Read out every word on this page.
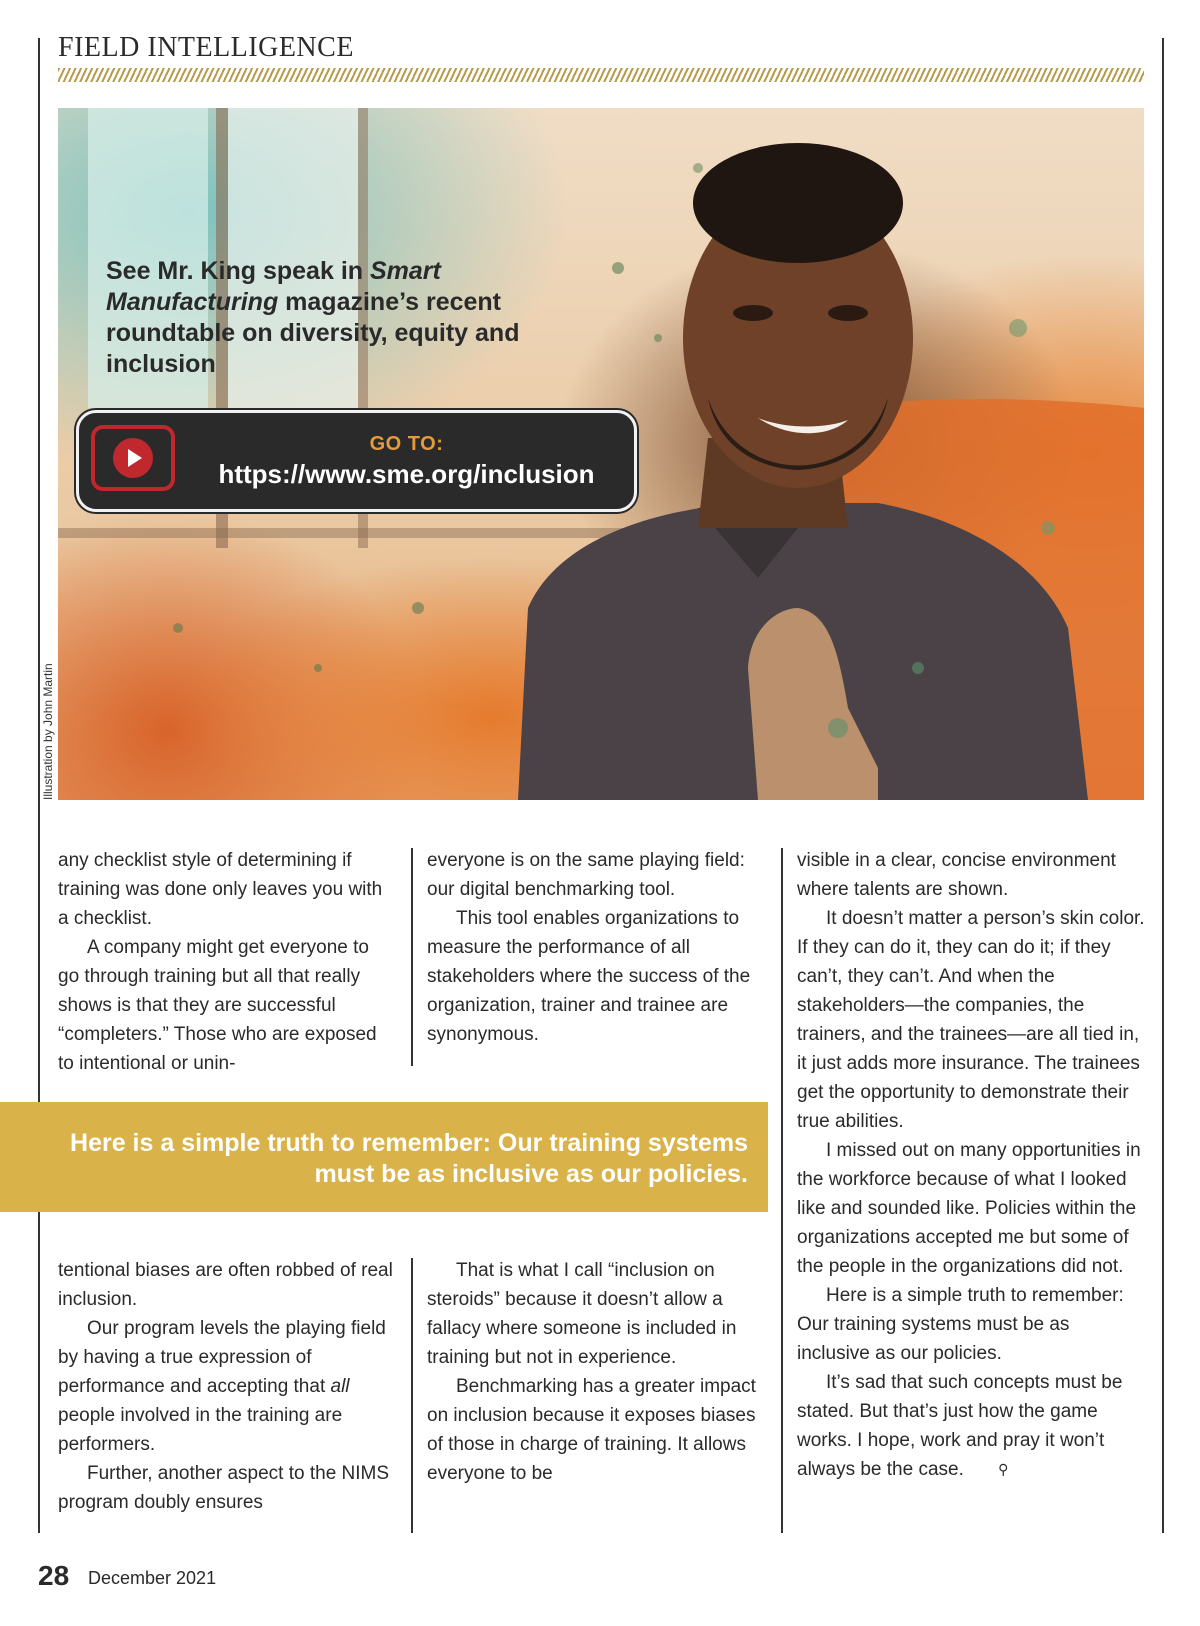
FIELD INTELLIGENCE
See Mr. King speak in Smart Manufacturing magazine’s recent roundtable on diversity, equity and inclusion
GO TO:
https://www.sme.org/inclusion
Illustration by John Martin

any checklist style of determining if training was done only leaves you with a checklist.

A company might get everyone to go through training but all that really shows is that they are successful “completers.” Those who are exposed to intentional or unin-

everyone is on the same playing field: our digital benchmarking tool.

This tool enables organizations to measure the performance of all stakeholders where the success of the organization, trainer and trainee are synonymous.

visible in a clear, concise environment where talents are shown.

It doesn’t matter a person’s skin color. If they can do it, they can do it; if they can’t, they can’t. And when the stakeholders—the companies, the trainers, and the trainees—are all tied in, it just adds more insurance. The trainees get the opportunity to demonstrate their true abilities.

I missed out on many opportunities in the workforce because of what I looked like and sounded like. Policies within the organizations accepted me but some of the people in the organizations did not.

Here is a simple truth to remember: Our training systems must be as inclusive as our policies.

It’s sad that such concepts must be stated. But that’s just how the game works. I hope, work and pray it won’t always be the case. ⚲

Here is a simple truth to remember: Our training systems must be as inclusive as our policies.

tentional biases are often robbed of real inclusion.

Our program levels the playing field by having a true expression of performance and accepting that all people involved in the training are performers.

Further, another aspect to the NIMS program doubly ensures

That is what I call “inclusion on steroids” because it doesn’t allow a fallacy where someone is included in training but not in experience.

Benchmarking has a greater impact on inclusion because it exposes biases of those in charge of training. It allows everyone to be

28 December 2021
